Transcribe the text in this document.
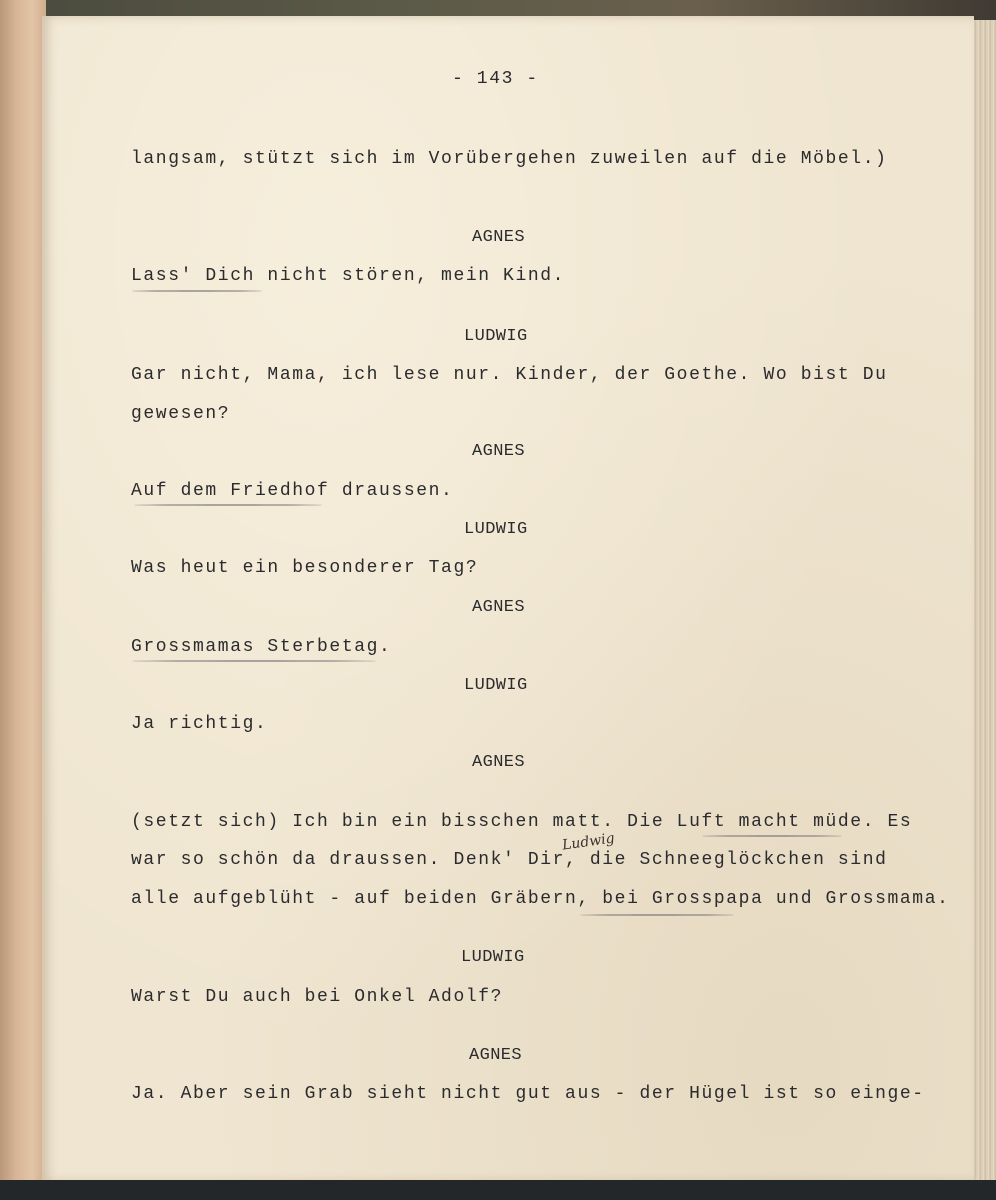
- 143 -
langsam, stützt sich im Vorübergehen zuweilen auf die Möbel.)
AGNES
Lass' Dich nicht stören, mein Kind.
LUDWIG
Gar nicht, Mama, ich lese nur. Kinder, der Goethe. Wo bist Du
gewesen?
AGNES
Auf dem Friedhof draussen.
LUDWIG
Was heut ein besonderer Tag?
AGNES
Grossmamas Sterbetag.
LUDWIG
Ja richtig.
AGNES
(setzt sich) Ich bin ein bisschen matt. Die Luft macht müde. Es
Ludwig
war so schön da draussen. Denk' Dir, die Schneeglöckchen sind
alle aufgeblüht - auf beiden Gräbern, bei Grosspapa und Grossmama.
LUDWIG
Warst Du auch bei Onkel Adolf?
AGNES
Ja. Aber sein Grab sieht nicht gut aus - der Hügel ist so einge-
